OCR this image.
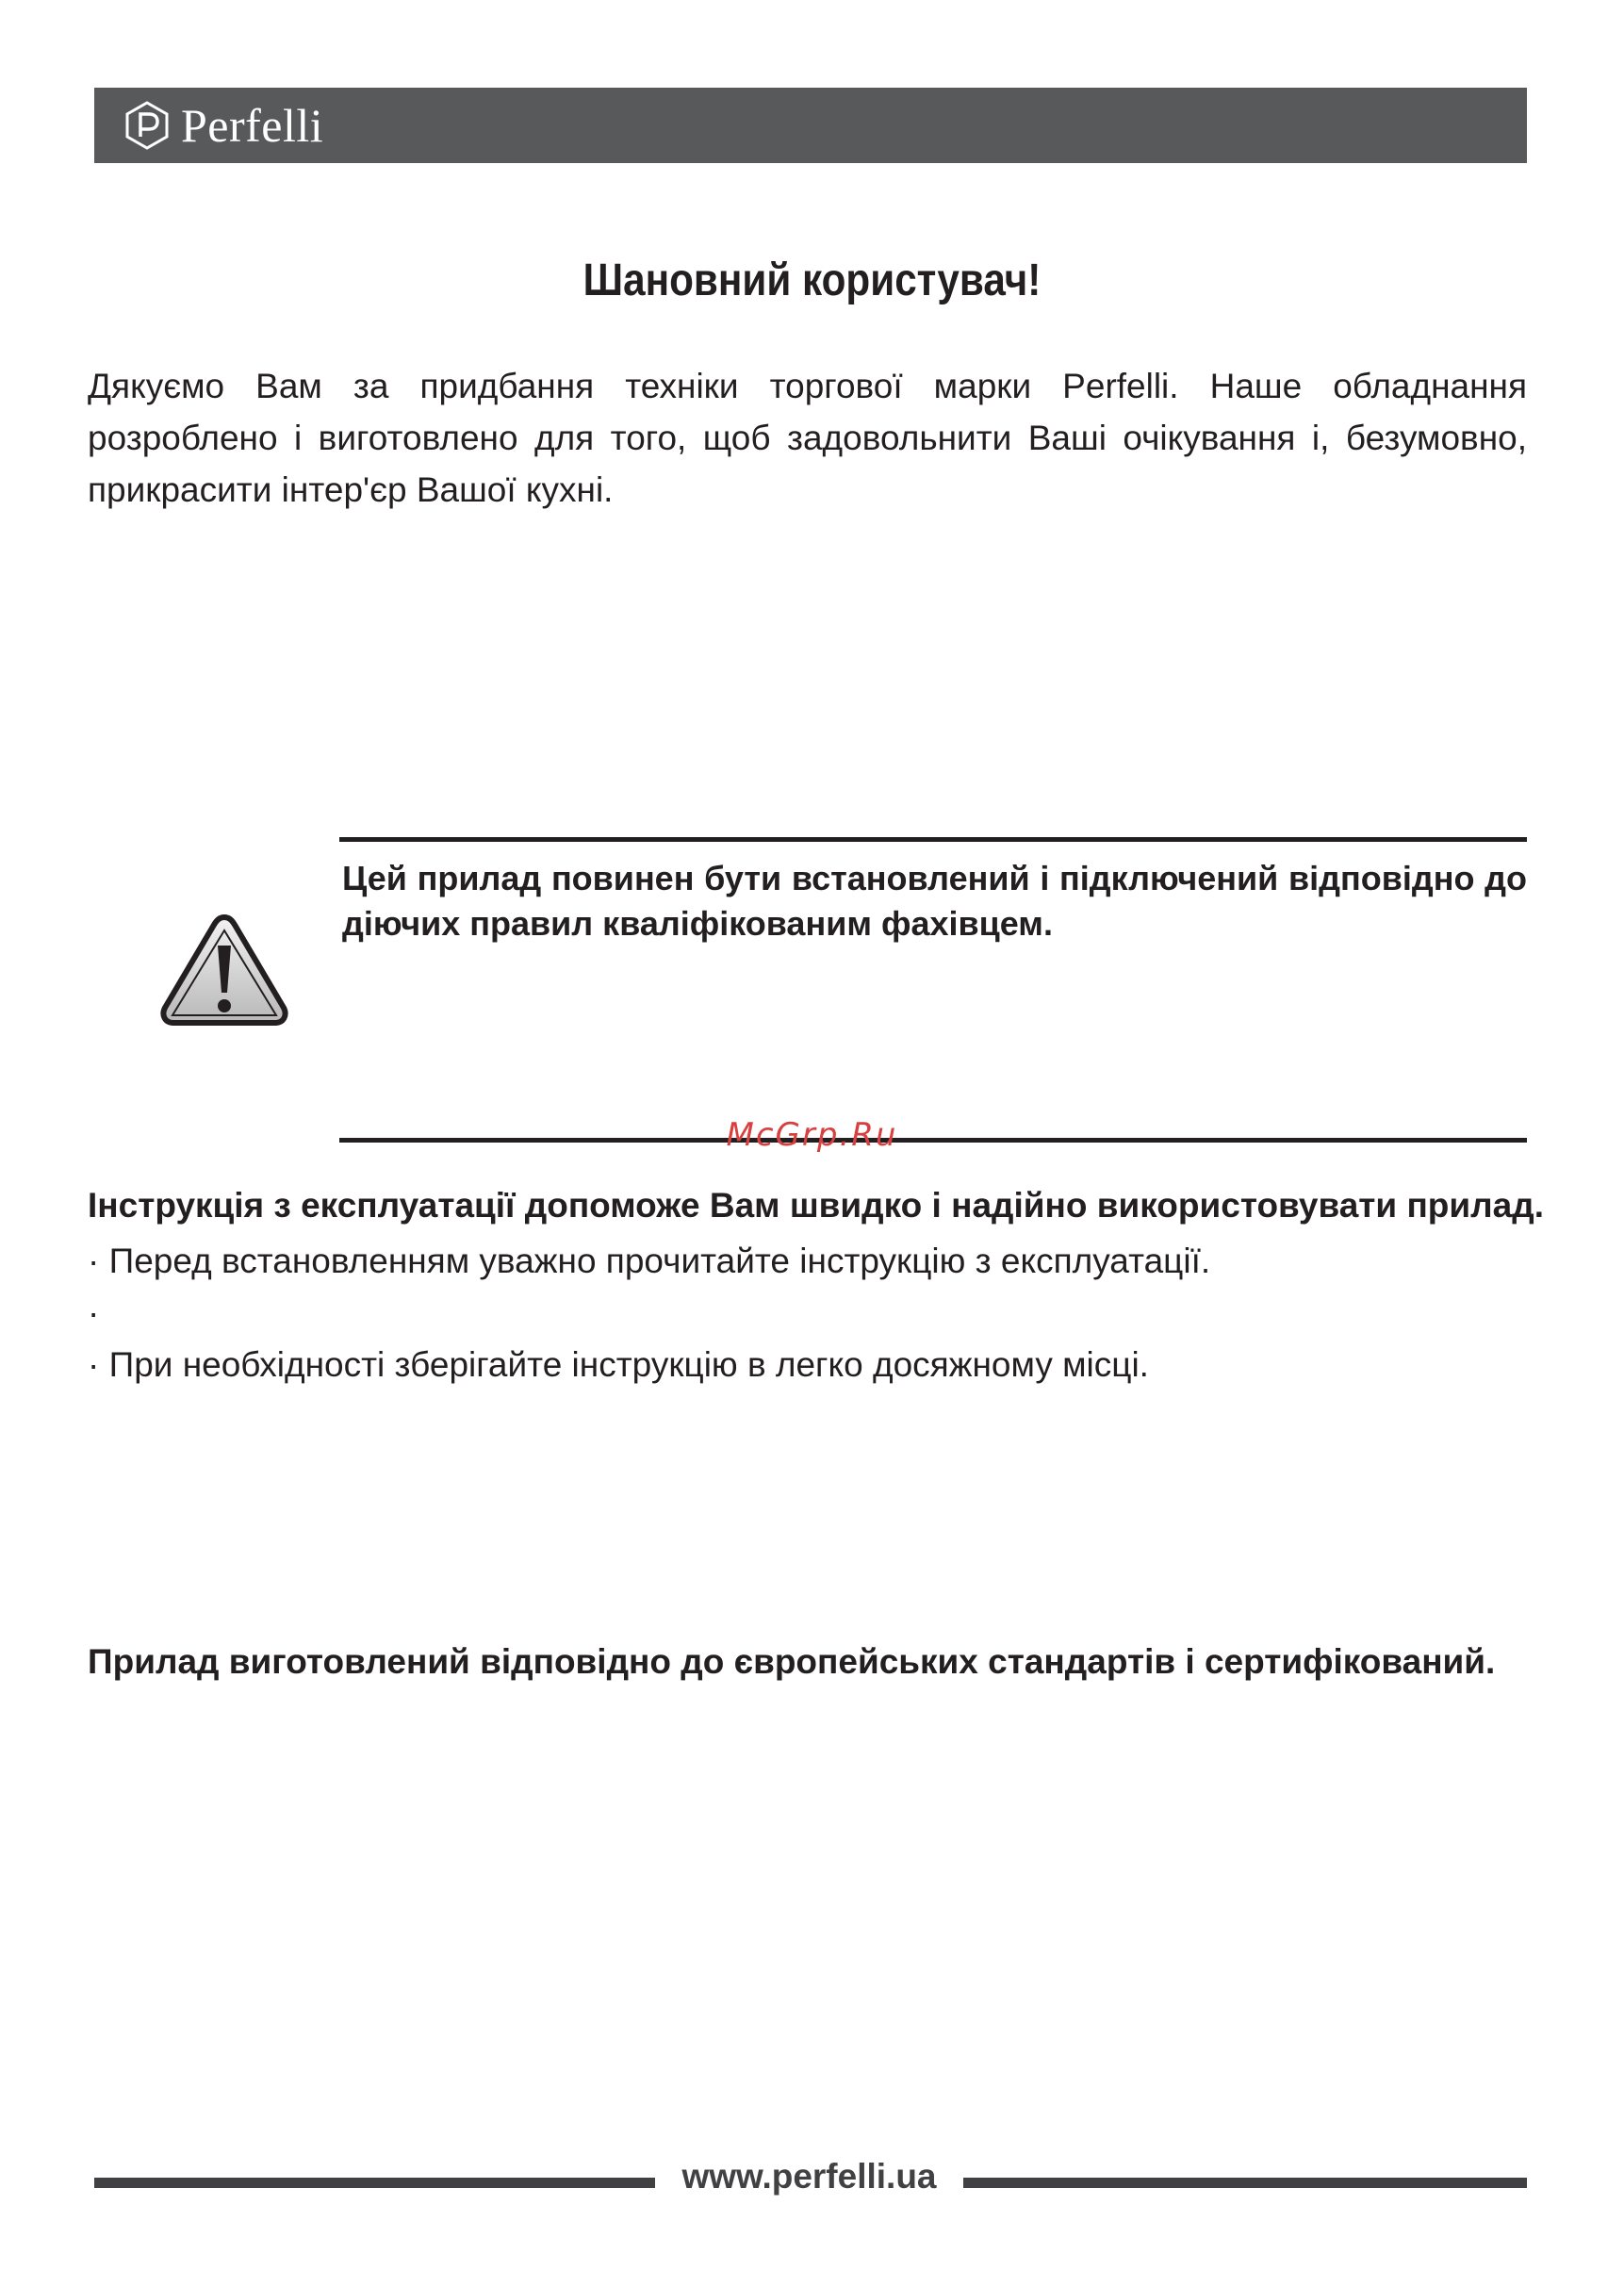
Perfelli
Шановний користувач!

Дякуємо Вам за придбання техніки торгової марки Perfelli. Наше обладнання розроблено і виготовлено для того, щоб задовольнити Ваші очікування і, безумовно, прикрасити інтер'єр Вашої кухні.

Цей прилад повинен бути встановлений і підключений відповідно до діючих правил кваліфікованим фахівцем.

McGrp.Ru
Інструкція з експлуатації допоможе Вам швидко і надійно використовувати прилад.
· Перед встановленням уважно прочитайте інструкцію з експлуатації.
·
· При необхідності зберігайте інструкцію в легко досяжному місці.
Прилад виготовлений відповідно до європейських стандартів і сертифікований.
www.perfelli.ua
